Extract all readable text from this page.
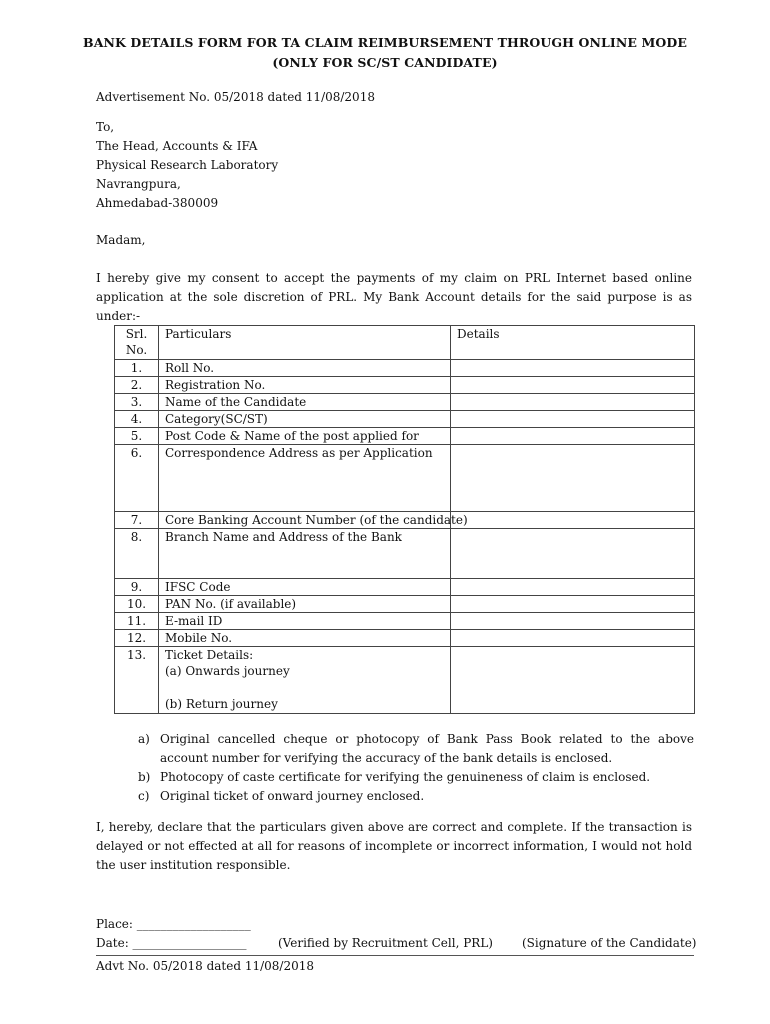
BANK DETAILS FORM FOR TA CLAIM REIMBURSEMENT THROUGH ONLINE MODE
(ONLY FOR SC/ST CANDIDATE)
Advertisement No. 05/2018 dated 11/08/2018
To,
The Head, Accounts & IFA
Physical Research Laboratory
Navrangpura,
Ahmedabad-380009
Madam,
I hereby give my consent to accept the payments of my claim on PRL Internet based online application at the sole discretion of PRL. My Bank Account details for the said purpose is as under:-
Srl.
No.	Particulars	Details
1.	Roll No.	
2.	Registration No.	
3.	Name of the Candidate	
4.	Category(SC/ST)	
5.	Post Code & Name of the post applied for	
6.	Correspondence Address as per Application	
7.	Core Banking Account Number (of the candidate)	
8.	Branch Name and Address of the Bank	
9.	IFSC Code	
10.	PAN No. (if available)	
11.	E-mail ID	
12.	Mobile No.	
13.	Ticket Details:
(a) Onwards journey
(b) Return journey	

a) Original cancelled cheque or photocopy of Bank Pass Book related to the above account number for verifying the accuracy of the bank details is enclosed.
b) Photocopy of caste certificate for verifying the genuineness of claim is enclosed.
c) Original ticket of onward journey enclosed.
I, hereby, declare that the particulars given above are correct and complete. If the transaction is delayed or not effected at all for reasons of incomplete or incorrect information, I would not hold the user institution responsible.
Place: ___________________
Date: ___________________	(Verified by Recruitment Cell, PRL) (Signature of the Candidate)
Advt No. 05/2018 dated 11/08/2018
